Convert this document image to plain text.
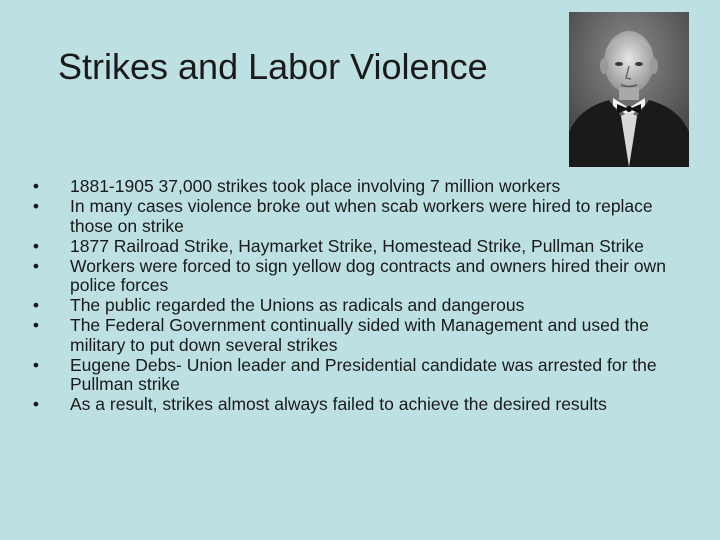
Strikes and Labor Violence
• 1881-1905 37,000 strikes took place involving 7 million workers
• In many cases violence broke out when scab workers were hired to replace those on strike
• 1877 Railroad Strike, Haymarket Strike, Homestead Strike, Pullman Strike
• Workers were forced to sign yellow dog contracts and owners hired their own police forces
• The public regarded the Unions as radicals and dangerous
• The Federal Government continually sided with Management and used the military to put down several strikes
• Eugene Debs- Union leader and Presidential candidate was arrested for the Pullman strike
• As a result, strikes almost always failed to achieve the desired results
